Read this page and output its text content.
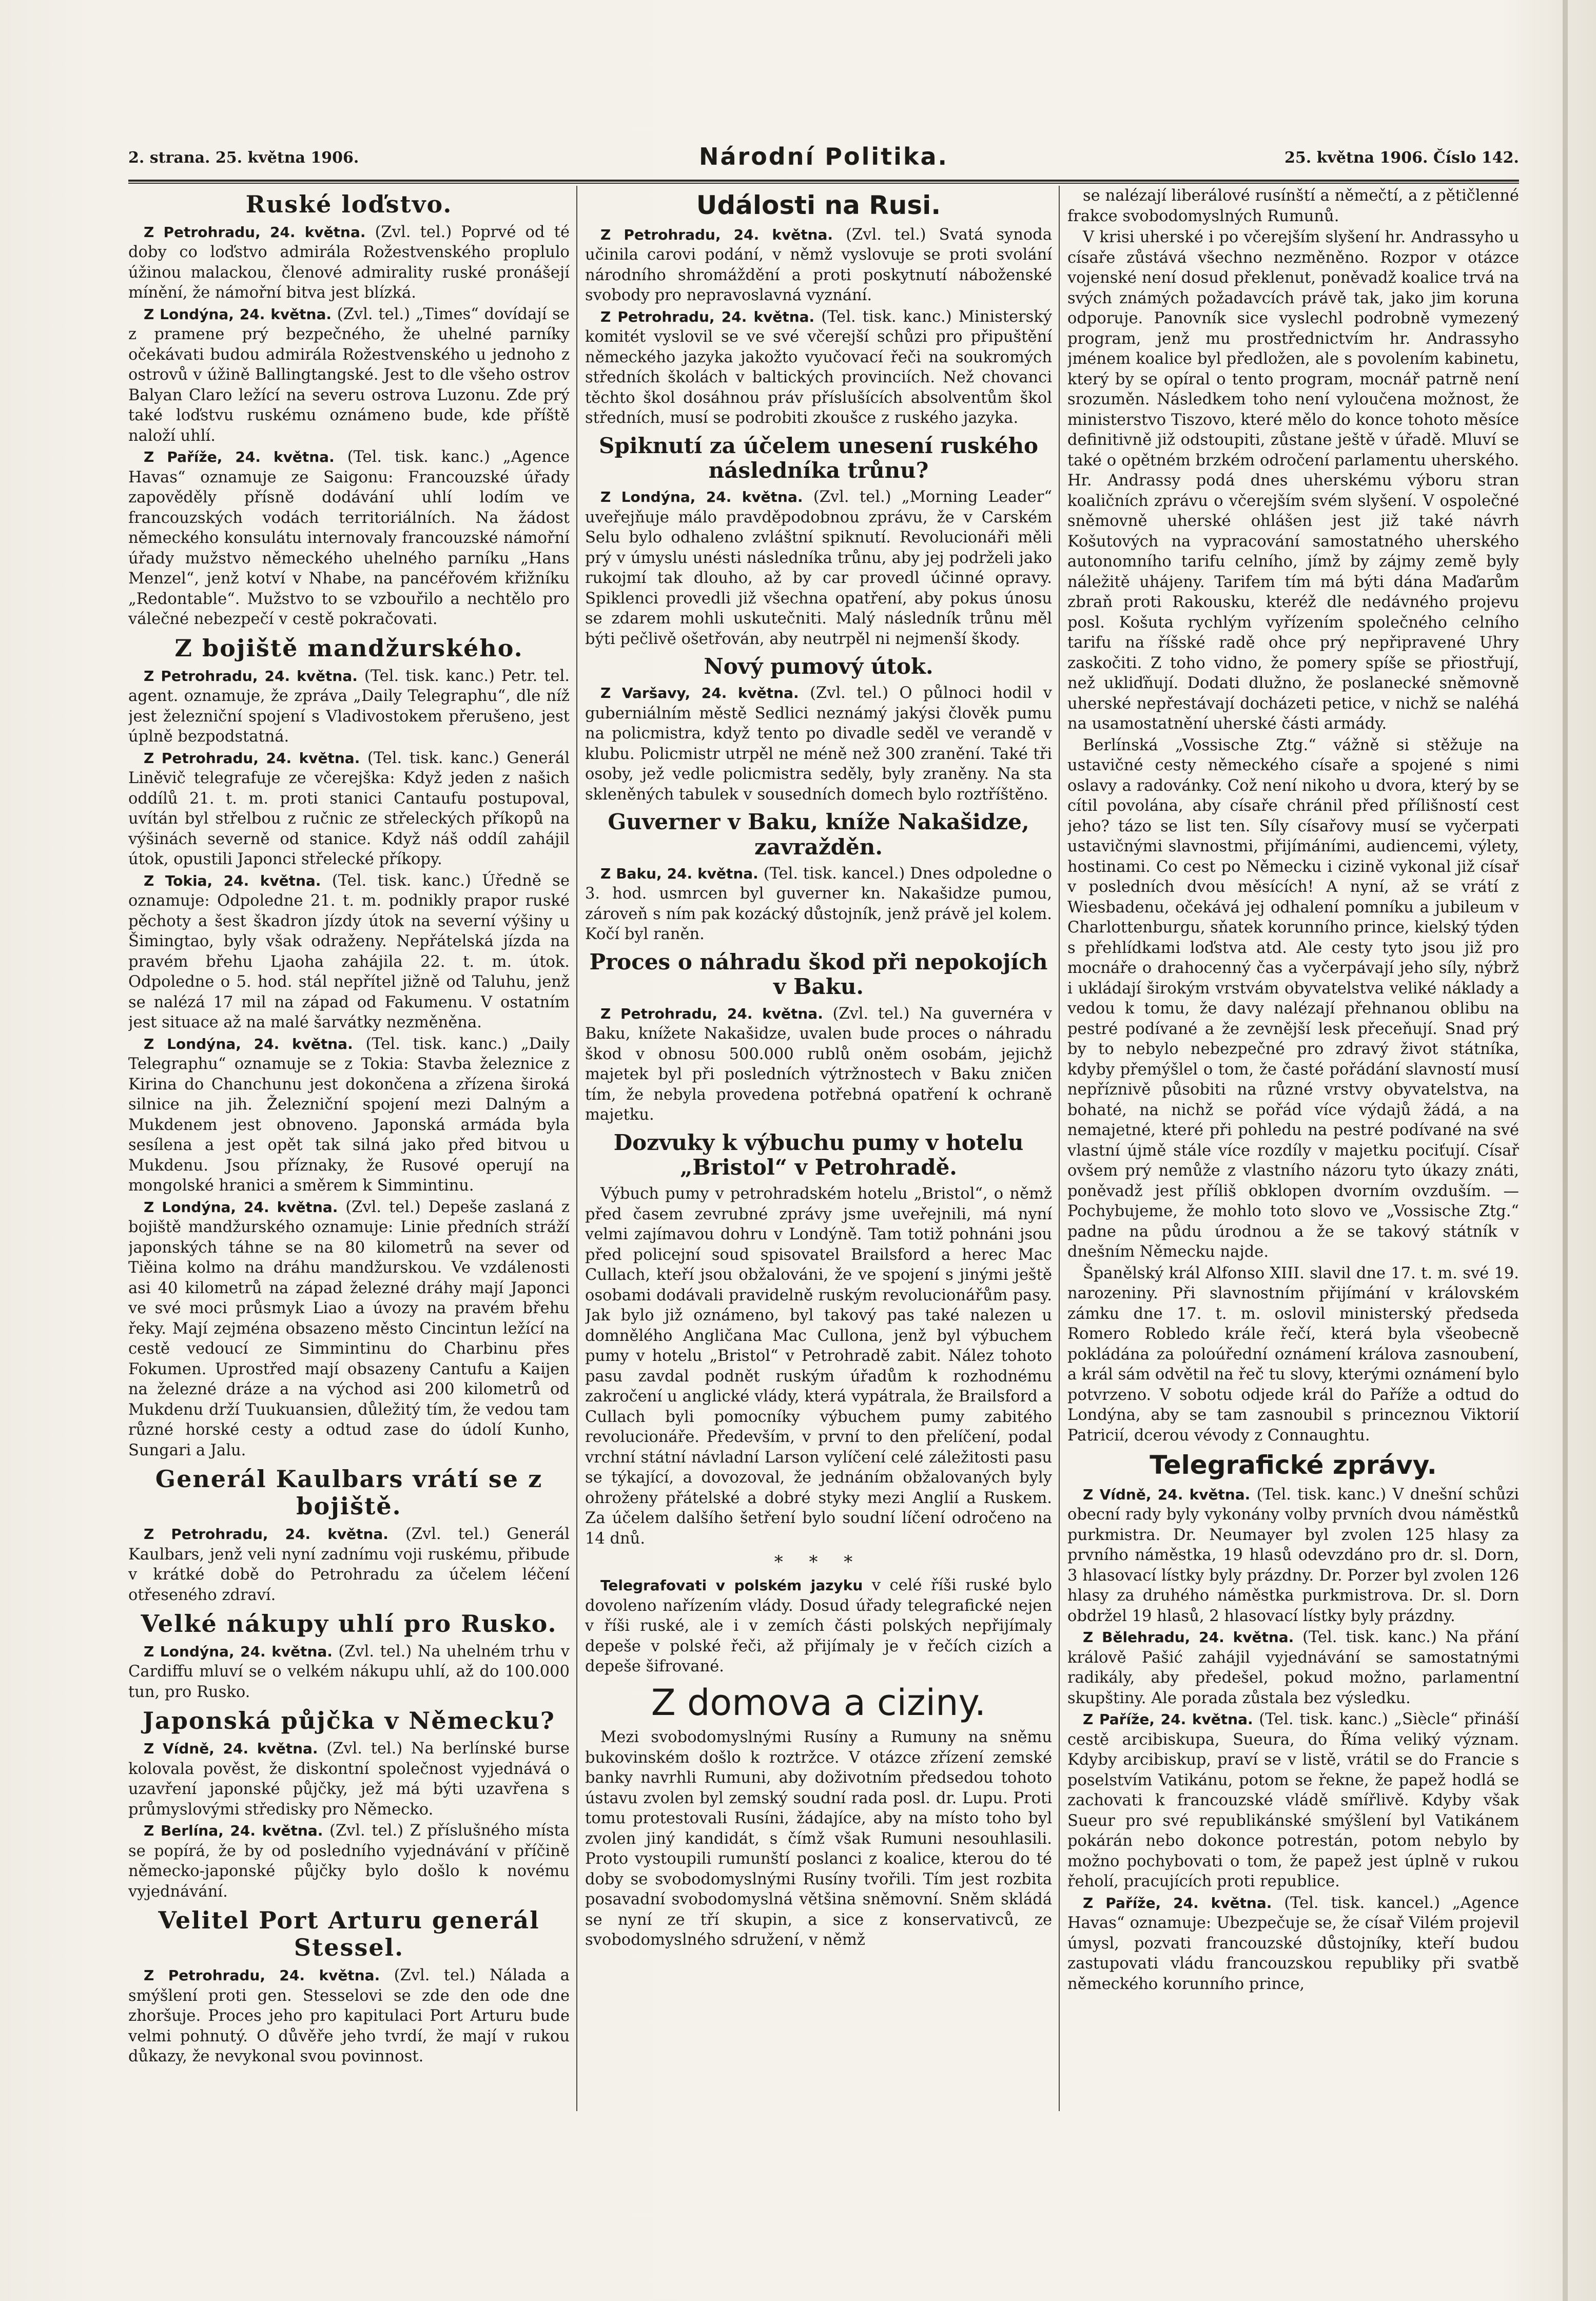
2. strana. 25. května 1906.	Národní Politika.	25. května 1906. Číslo 142.
Ruské loďstvo.

Z Petrohradu, 24. května. (Zvl. tel.) Poprvé od té doby co loďstvo admirála Rožestvenského proplulo úžinou malackou, členové admirality ruské pronášejí mínění, že námořní bitva jest blízká.

Z Londýna, 24. května. (Zvl. tel.) „Times“ dovídají se z pramene prý bezpečného, že uhelné parníky očekávati budou admirála Rožestvenského u jednoho z ostrovů v úžině Ballingtangské. Jest to dle všeho ostrov Balyan Claro ležící na severu ostrova Luzonu. Zde prý také loďstvu ruskému oznámeno bude, kde příště naloží uhlí.

Z Paříže, 24. května. (Tel. tisk. kanc.) „Agence Havas“ oznamuje ze Saigonu: Francouzské úřady zapověděly přísně dodávání uhlí lodím ve francouzských vodách territoriálních. Na žádost německého konsulátu internovaly francouzské námořní úřady mužstvo německého uhelného parníku „Hans Menzel“, jenž kotví v Nhabe, na pancéřovém křižníku „Redontable“. Mužstvo to se vzbouřilo a nechtělo pro válečné nebezpečí v cestě pokračovati.

Z bojiště mandžurského.

Z Petrohradu, 24. května. (Tel. tisk. kanc.) Petr. tel. agent. oznamuje, že zpráva „Daily Telegraphu“, dle níž jest železniční spojení s Vladivostokem přerušeno, jest úplně bezpodstatná.

Z Petrohradu, 24. května. (Tel. tisk. kanc.) Generál Liněvič telegrafuje ze včerejška: Když jeden z našich oddílů 21. t. m. proti stanici Cantaufu postupoval, uvítán byl střelbou z ručnic ze střeleckých příkopů na výšinách severně od stanice. Když náš oddíl zahájil útok, opustili Japonci střelecké příkopy.

Z Tokia, 24. května. (Tel. tisk. kanc.) Úředně se oznamuje: Odpoledne 21. t. m. podnikly prapor ruské pěchoty a šest škadron jízdy útok na severní výšiny u Šimingtao, byly však odraženy. Nepřátelská jízda na pravém břehu Ljaoha zahájila 22. t. m. útok. Odpoledne o 5. hod. stál nepřítel jižně od Taluhu, jenž se nalézá 17 mil na západ od Fakumenu. V ostatním jest situace až na malé šarvátky nezměněna.

Z Londýna, 24. května. (Tel. tisk. kanc.) „Daily Telegraphu“ oznamuje se z Tokia: Stavba železnice z Kirina do Chanchunu jest dokončena a zřízena široká silnice na jih. Železniční spojení mezi Dalným a Mukdenem jest obnoveno. Japonská armáda byla sesílena a jest opět tak silná jako před bitvou u Mukdenu. Jsou příznaky, že Rusové operují na mongolské hranici a směrem k Simmintinu.

Z Londýna, 24. května. (Zvl. tel.) Depeše zaslaná z bojiště mandžurského oznamuje: Linie předních stráží japonských táhne se na 80 kilometrů na sever od Tiěina kolmo na dráhu mandžurskou. Ve vzdálenosti asi 40 kilometrů na západ železné dráhy mají Japonci ve své moci průsmyk Liao a úvozy na pravém břehu řeky. Mají zejména obsazeno město Cincintun ležící na cestě vedoucí ze Simmintinu do Charbinu přes Fokumen. Uprostřed mají obsazeny Cantufu a Kaijen na železné dráze a na východ asi 200 kilometrů od Mukdenu drží Tuukuansien, důležitý tím, že vedou tam různé horské cesty a odtud zase do údolí Kunho, Sungari a Jalu.

Generál Kaulbars vrátí se z bojiště.

Z Petrohradu, 24. května. (Zvl. tel.) Generál Kaulbars, jenž veli nyní zadnímu voji ruskému, přibude v krátké době do Petrohradu za účelem léčení otřeseného zdraví.

Velké nákupy uhlí pro Rusko.

Z Londýna, 24. května. (Zvl. tel.) Na uhelném trhu v Cardiffu mluví se o velkém nákupu uhlí, až do 100.000 tun, pro Rusko.

Japonská půjčka v Německu?

Z Vídně, 24. května. (Zvl. tel.) Na berlínské burse kolovala pověst, že diskontní společnost vyjednává o uzavření japonské půjčky, jež má býti uzavřena s průmyslovými středisky pro Německo.

Z Berlína, 24. května. (Zvl. tel.) Z příslušného místa se popírá, že by od posledního vyjednávání v příčině německo-japonské půjčky bylo došlo k novému vyjednávání.

Velitel Port Arturu generál Stessel.

Z Petrohradu, 24. května. (Zvl. tel.) Nálada a smýšlení proti gen. Stesselovi se zde den ode dne zhoršuje. Proces jeho pro kapitulaci Port Arturu bude velmi pohnutý. O důvěře jeho tvrdí, že mají v rukou důkazy, že nevykonal svou povinnost.

Události na Rusi.

Z Petrohradu, 24. května. (Zvl. tel.) Svatá synoda učinila carovi podání, v němž vyslovuje se proti svolání národního shromáždění a proti poskytnutí náboženské svobody pro nepravoslavná vyznání.

Z Petrohradu, 24. května. (Tel. tisk. kanc.) Ministerský komitét vyslovil se ve své včerejší schůzi pro připuštění německého jazyka jakožto vyučovací řeči na soukromých středních školách v baltických provinciích. Než chovanci těchto škol dosáhnou práv příslušících absolventům škol středních, musí se podrobiti zkoušce z ruského jazyka.

Spiknutí za účelem unesení ruského následníka trůnu?

Z Londýna, 24. května. (Zvl. tel.) „Morning Leader“ uveřejňuje málo pravděpodobnou zprávu, že v Carském Selu bylo odhaleno zvláštní spiknutí. Revolucionáři měli prý v úmyslu unésti následníka trůnu, aby jej podrželi jako rukojmí tak dlouho, až by car provedl účinné opravy. Spiklenci provedli již všechna opatření, aby pokus únosu se zdarem mohli uskutečniti. Malý následník trůnu měl býti pečlivě ošetřován, aby neutrpěl ni nejmenší škody.

Nový pumový útok.

Z Varšavy, 24. května. (Zvl. tel.) O půlnoci hodil v guberniálním městě Sedlici neznámý jakýsi člověk pumu na policmistra, když tento po divadle seděl ve verandě v klubu. Policmistr utrpěl ne méně než 300 zranění. Také tři osoby, jež vedle policmistra seděly, byly zraněny. Na sta skleněných tabulek v sousedních domech bylo roztříštěno.

Guverner v Baku, kníže Nakašidze, zavražděn.

Z Baku, 24. května. (Tel. tisk. kancel.) Dnes odpoledne o 3. hod. usmrcen byl guverner kn. Nakašidze pumou, zároveň s ním pak kozácký důstojník, jenž právě jel kolem. Kočí byl raněn.

Proces o náhradu škod při nepokojích v Baku.

Z Petrohradu, 24. května. (Zvl. tel.) Na guvernéra v Baku, knížete Nakašidze, uvalen bude proces o náhradu škod v obnosu 500.000 rublů oněm osobám, jejichž majetek byl při posledních výtržnostech v Baku zničen tím, že nebyla provedena potřebná opatření k ochraně majetku.

Dozvuky k výbuchu pumy v hotelu „Bristol“ v Petrohradě.

Výbuch pumy v petrohradském hotelu „Bristol“, o němž před časem zevrubné zprávy jsme uveřejnili, má nyní velmi zajímavou dohru v Londýně. Tam totiž pohnáni jsou před policejní soud spisovatel Brailsford a herec Mac Cullach, kteří jsou obžalováni, že ve spojení s jinými ještě osobami dodávali pravidelně ruským revolucionářům pasy. Jak bylo již oznámeno, byl takový pas také nalezen u domnělého Angličana Mac Cullona, jenž byl výbuchem pumy v hotelu „Bristol“ v Petrohradě zabit. Nález tohoto pasu zavdal podnět ruským úřadům k rozhodnému zakročení u anglické vlády, která vypátrala, že Brailsford a Cullach byli pomocníky výbuchem pumy zabitého revolucionáře. Především, v první to den přelíčení, podal vrchní státní návladní Larson vylíčení celé záležitosti pasu se týkající, a dovozoval, že jednáním obžalovaných byly ohroženy přátelské a dobré styky mezi Anglií a Ruskem. Za účelem dalšího šetření bylo soudní líčení odročeno na 14 dnů.

* * *

Telegrafovati v polském jazyku v celé říši ruské bylo dovoleno nařízením vlády. Dosud úřady telegrafické nejen v říši ruské, ale i v zemích části polských nepřijímaly depeše v polské řeči, až přijímaly je v řečích cizích a depeše šifrované.

Z domova a ciziny.

Mezi svobodomyslnými Rusíny a Rumuny na sněmu bukovinském došlo k roztržce. V otázce zřízení zemské banky navrhli Rumuni, aby doživotním předsedou tohoto ústavu zvolen byl zemský soudní rada posl. dr. Lupu. Proti tomu protestovali Rusíni, žádajíce, aby na místo toho byl zvolen jiný kandidát, s čímž však Rumuni nesouhlasili. Proto vystoupili rumunští poslanci z koalice, kterou do té doby se svobodomyslnými Rusíny tvořili. Tím jest rozbita posavadní svobodomyslná většina sněmovní. Sněm skládá se nyní ze tří skupin, a sice z konservativců, ze svobodomyslného sdružení, v němž

se nalézají liberálové rusínští a němečtí, a z pětičlenné frakce svobodomyslných Rumunů.

V krisi uherské i po včerejším slyšení hr. Andrassyho u císaře zůstává všechno nezměněno. Rozpor v otázce vojenské není dosud překlenut, poněvadž koalice trvá na svých známých požadavcích právě tak, jako jim koruna odporuje. Panovník sice vyslechl podrobně vymezený program, jenž mu prostřednictvím hr. Andrassyho jménem koalice byl předložen, ale s povolením kabinetu, který by se opíral o tento program, mocnář patrně není srozuměn. Následkem toho není vyloučena možnost, že ministerstvo Tiszovo, které mělo do konce tohoto měsíce definitivně již odstoupiti, zůstane ještě v úřadě. Mluví se také o opětném brzkém odročení parlamentu uherského. Hr. Andrassy podá dnes uherskému výboru stran koaličních zprávu o včerejším svém slyšení. V ospolečné sněmovně uherské ohlášen jest již také návrh Košutových na vypracování samostatného uherského autonomního tarifu celního, jímž by zájmy země byly náležitě uhájeny. Tarifem tím má býti dána Maďarům zbraň proti Rakousku, kteréž dle nedávného projevu posl. Košuta rychlým vyřízením společného celního tarifu na říšské radě ohce prý nepřipravené Uhry zaskočiti. Z toho vidno, že pomery spíše se přiostřují, než ukliďňují. Dodati dlužno, že poslanecké sněmovně uherské nepřestávají docházeti petice, v nichž se naléhá na usamostatnění uherské části armády.

Berlínská „Vossische Ztg.“ vážně si stěžuje na ustavičné cesty německého císaře a spojené s nimi oslavy a radovánky. Což není nikoho u dvora, který by se cítil povolána, aby císaře chránil před přílišností cest jeho? tázo se list ten. Síly císařovy musí se vyčerpati ustavičnými slavnostmi, přijímáními, audiencemi, výlety, hostinami. Co cest po Německu i cizině vykonal již císař v posledních dvou měsících! A nyní, až se vrátí z Wiesbadenu, očekává jej odhalení pomníku a jubileum v Charlottenburgu, sňatek korunního prince, kielský týden s přehlídkami loďstva atd. Ale cesty tyto jsou již pro mocnáře o drahocenný čas a vyčerpávají jeho síly, nýbrž i ukládají širokým vrstvám obyvatelstva veliké náklady a vedou k tomu, že davy nalézají přehnanou oblibu na pestré podívané a že zevnější lesk přeceňují. Snad prý by to nebylo nebezpečné pro zdravý život státníka, kdyby přemýšlel o tom, že časté pořádání slavností musí nepříznivě působiti na různé vrstvy obyvatelstva, na bohaté, na nichž se pořád více výdajů žádá, a na nemajetné, které při pohledu na pestré podívané na své vlastní újmě stále více rozdíly v majetku pociťují. Císař ovšem prý nemůže z vlastního názoru tyto úkazy znáti, poněvadž jest příliš obklopen dvorním ovzduším. — Pochybujeme, že mohlo toto slovo ve „Vossische Ztg.“ padne na půdu úrodnou a že se takový státník v dnešním Německu najde.

Španělský král Alfonso XIII. slavil dne 17. t. m. své 19. narozeniny. Při slavnostním přijímání v královském zámku dne 17. t. m. oslovil ministerský předseda Romero Robledo krále řečí, která byla všeobecně pokládána za poloúřední oznámení králova zasnoubení, a král sám odvětil na řeč tu slovy, kterými oznámení bylo potvrzeno. V sobotu odjede král do Paříže a odtud do Londýna, aby se tam zasnoubil s princeznou Viktorií Patricií, dcerou vévody z Connaughtu.

Telegrafické zprávy.

Z Vídně, 24. května. (Tel. tisk. kanc.) V dnešní schůzi obecní rady byly vykonány volby prvních dvou náměstků purkmistra. Dr. Neumayer byl zvolen 125 hlasy za prvního náměstka, 19 hlasů odevzdáno pro dr. sl. Dorn, 3 hlasovací lístky byly prázdny. Dr. Porzer byl zvolen 126 hlasy za druhého náměstka purkmistrova. Dr. sl. Dorn obdržel 19 hlasů, 2 hlasovací lístky byly prázdny.

Z Bělehradu, 24. května. (Tel. tisk. kanc.) Na přání králově Pašić zahájil vyjednávání se samostatnými radikály, aby předešel, pokud možno, parlamentní skupštiny. Ale porada zůstala bez výsledku.

Z Paříže, 24. května. (Tel. tisk. kanc.) „Siècle“ přináší cestě arcibiskupa, Sueura, do Říma veliký význam. Kdyby arcibiskup, praví se v listě, vrátil se do Francie s poselstvím Vatikánu, potom se řekne, že papež hodlá se zachovati k francouzské vládě smířlivě. Kdyby však Sueur pro své republikánské smýšlení byl Vatikánem pokárán nebo dokonce potrestán, potom nebylo by možno pochybovati o tom, že papež jest úplně v rukou řeholí, pracujících proti republice.

Z Paříže, 24. května. (Tel. tisk. kancel.) „Agence Havas“ oznamuje: Ubezpečuje se, že císař Vilém projevil úmysl, pozvati francouzské důstojníky, kteří budou zastupovati vládu francouzskou republiky při svatbě německého korunního prince,
